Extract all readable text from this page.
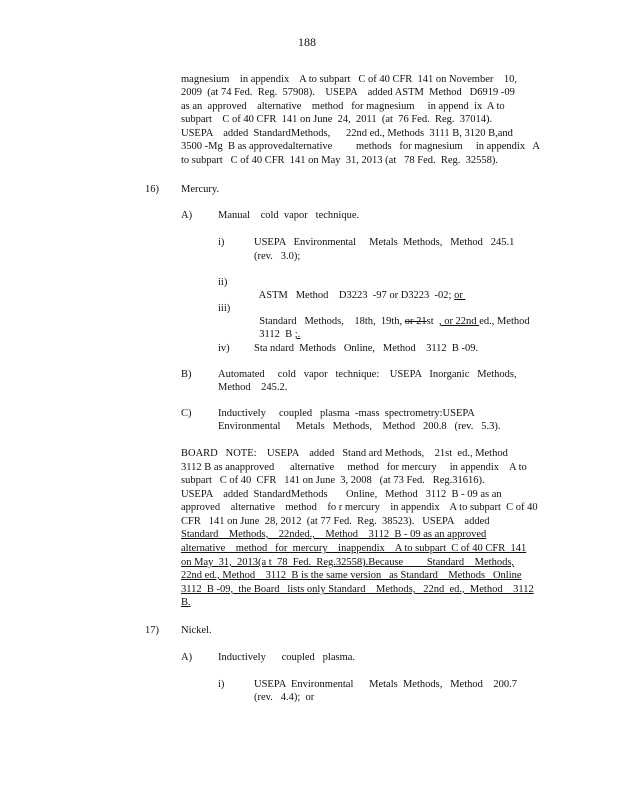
188
magnesium    in appendix    A to subpart   C of 40 CFR  141 on November    10,
2009  (at 74 Fed.  Reg.  57908).    USEPA    added ASTM  Method   D6919 -09
as an  approved    alternative    method   for magnesium     in append  ix  A to
subpart    C of 40 CFR  141 on June  24,  2011  (at  76 Fed.  Reg.  37014).
USEPA    added  StandardMethods,      22nd ed., Methods  3111 B, 3120 B,and
3500 -Mg  B as approvedalternative         methods   for magnesium     in appendix   A
to subpart   C of 40 CFR  141 on May  31, 2013 (at   78 Fed.  Reg.  32558).
16) Mercury.
A) Manual    cold  vapor   technique.
i)	USEPA   Environmental     Metals  Methods,   Method   245.1
(rev.   3.0);
ii)

ASTM   Method    D3223  -97 or D3223  -02; or

iii)

Standard   Methods,    18th,  19th, or 21st  , or 22nd ed., Method

3112  B ;.

iv) Sta ndard  Methods   Online,   Method    3112  B -09.
B)	Automated     cold   vapor   technique:    USEPA   Inorganic   Methods,
Method    245.2.
C)	Inductively     coupled   plasma  -mass  spectrometry:USEPA
Environmental      Metals   Methods,    Method   200.8   (rev.   5.3).
BOARD   NOTE:    USEPA    added   Stand ard Methods,    21st  ed., Method
3112 B as anapproved      alternative     method   for mercury     in appendix    A to
subpart   C of 40  CFR   141 on June  3, 2008   (at 73 Fed.   Reg.31616).
USEPA    added  StandardMethods       Online,   Method   3112  B - 09 as an
approved    alternative    method    fo r mercury    in appendix    A to subpart  C of 40
CFR   141 on June  28, 2012  (at 77 Fed.  Reg.  38523).   USEPA    added
Standard    Methods,    22nded.,    Method    3112  B - 09 as an approved
alternative    method   for  mercury    inappendix    A to subpart  C of 40 CFR  141
on May  31,  2013(a t  78  Fed.  Reg.32558).Because         Standard    Methods,
22nd ed., Method    3112  B is the same version   as Standard    Methods   Online
3112  B -09,  the Board   lists only Standard    Methods,   22nd  ed.,  Method    3112
B.
17) Nickel.
A) Inductively      coupled   plasma.
i)	USEPA  Environmental      Metals  Methods,   Method    200.7
(rev.   4.4);  or
